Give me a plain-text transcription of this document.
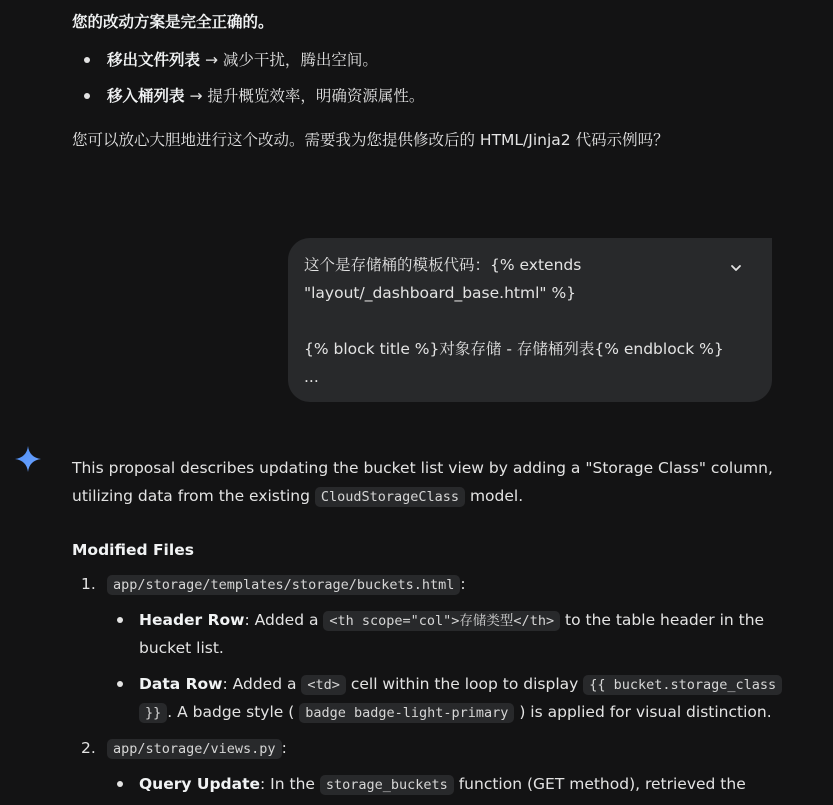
您的改动方案是完全正确的。
移出文件列表 → 减少干扰，腾出空间。
移入桶列表 → 提升概览效率，明确资源属性。
您可以放心大胆地进行这个改动。需要我为您提供修改后的 HTML/Jinja2 代码示例吗？
这个是存储桶的模板代码：{% extends
"layout/_dashboard_base.html" %}

{% block title %}对象存储 - 存储桶列表{% endblock %}
...
This proposal describes updating the bucket list view by adding a "Storage Class" column,
utilizing data from the existing CloudStorageClass model.
Modified Files
1.	app/storage/templates/storage/buckets.html :
Header Row: Added a <th scope="col">存储类型</th> to the table header in the
bucket list.
Data Row: Added a <td> cell within the loop to display {{ bucket.storage_class
}} . A badge style ( badge badge-light-primary ) is applied for visual distinction.
2.	app/storage/views.py :
Query Update: In the storage_buckets function (GET method), retrieved the
